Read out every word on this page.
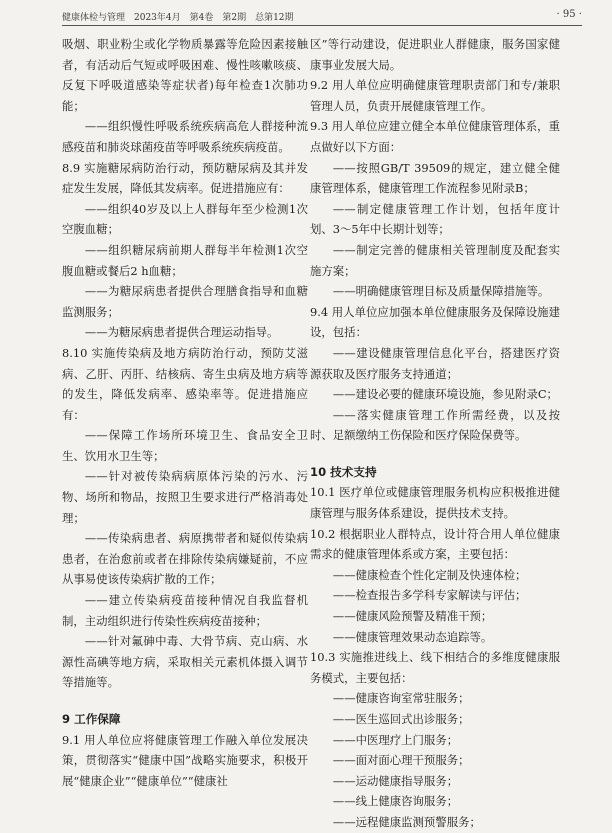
健康体检与管理　2023年4月　第4卷　第2期　总第12期	· 95 ·

吸烟、职业粉尘或化学物质暴露等危险因素接触者，有活动后气短或呼吸困难、慢性咳嗽咳痰、反复下呼吸道感染等症状者)每年检查1次肺功能；

——组织慢性呼吸系统疾病高危人群接种流感疫苗和肺炎球菌疫苗等呼吸系统疾病疫苗。

8.9 实施糖尿病防治行动，预防糖尿病及其并发症发生发展，降低其发病率。促进措施应有：

——组织40岁及以上人群每年至少检测1次空腹血糖；

——组织糖尿病前期人群每半年检测1次空腹血糖或餐后2 h血糖；

——为糖尿病患者提供合理膳食指导和血糖监测服务；

——为糖尿病患者提供合理运动指导。

8.10 实施传染病及地方病防治行动，预防艾滋病、乙肝、丙肝、结核病、寄生虫病及地方病等的发生，降低发病率、感染率等。促进措施应有：

——保障工作场所环境卫生、食品安全卫生、饮用水卫生等；

——针对被传染病病原体污染的污水、污物、场所和物品，按照卫生要求进行严格消毒处理；

——传染病患者、病原携带者和疑似传染病患者，在治愈前或者在排除传染病嫌疑前，不应从事易使该传染病扩散的工作；

——建立传染病疫苗接种情况自我监督机制，主动组织进行传染性疾病疫苗接种；

——针对氟砷中毒、大骨节病、克山病、水源性高碘等地方病，采取相关元素机体摄入调节等措施等。

9 工作保障

9.1 用人单位应将健康管理工作融入单位发展决策，贯彻落实“健康中国”战略实施要求，积极开展“健康企业”“健康单位”“健康社

区”等行动建设，促进职业人群健康，服务国家健康事业发展大局。

9.2 用人单位应明确健康管理职责部门和专/兼职管理人员，负责开展健康管理工作。

9.3 用人单位应建立健全本单位健康管理体系，重点做好以下方面：

——按照GB/T 39509的规定，建立健全健康管理体系，健康管理工作流程参见附录B；

——制定健康管理工作计划，包括年度计划、3～5年中长期计划等；

——制定完善的健康相关管理制度及配套实施方案；

——明确健康管理目标及质量保障措施等。

9.4 用人单位应加强本单位健康服务及保障设施建设，包括：

——建设健康管理信息化平台，搭建医疗资源获取及医疗服务支持通道；

——建设必要的健康环境设施，参见附录C；

——落实健康管理工作所需经费，以及按时、足额缴纳工伤保险和医疗保险保费等。

10 技术支持

10.1 医疗单位或健康管理服务机构应积极推进健康管理与服务体系建设，提供技术支持。

10.2 根据职业人群特点，设计符合用人单位健康需求的健康管理体系或方案，主要包括：

——健康检查个性化定制及快速体检；

——检查报告多学科专家解读与评估；

——健康风险预警及精准干预；

——健康管理效果动态追踪等。

10.3 实施推进线上、线下相结合的多维度健康服务模式，主要包括：

——健康咨询室常驻服务；

——医生巡回式出诊服务；

——中医理疗上门服务；

——面对面心理干预服务；

——运动健康指导服务；

——线上健康咨询服务；

——远程健康监测预警服务；
